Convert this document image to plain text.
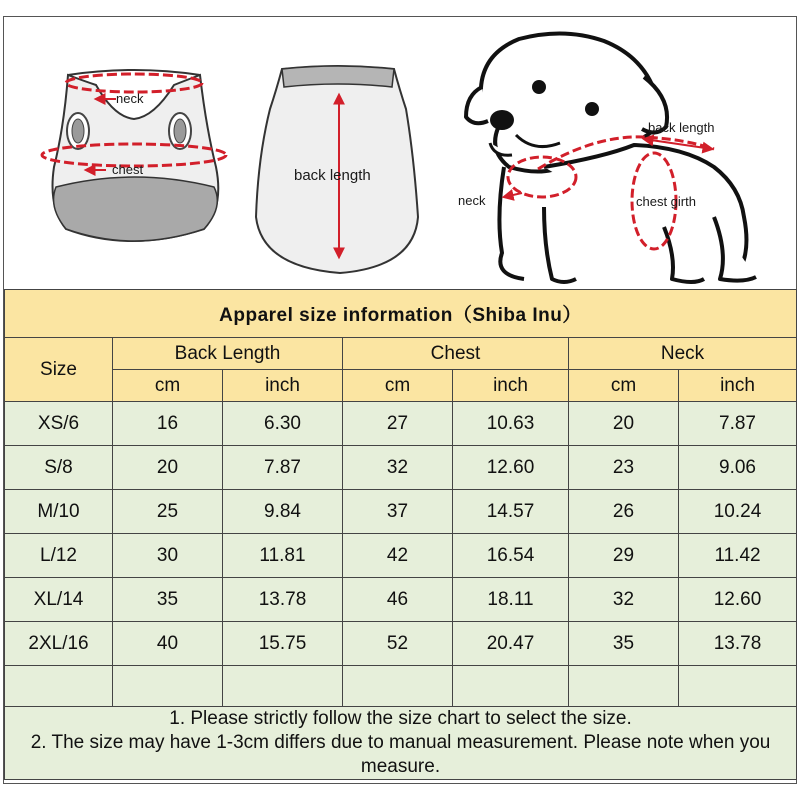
neck
chest	back length
back length
neck	chest girth
Apparel size information（Shiba Inu）						
Size	Back Length		Chest		Neck	
	cm	inch	cm	inch	cm	inch
XS/6	16	6.30	27	10.63	20	7.87
S/8	20	7.87	32	12.60	23	9.06
M/10	25	9.84	37	14.57	26	10.24
L/12	30	11.81	42	16.54	29	11.42
XL/14	35	13.78	46	18.11	32	12.60
2XL/16	40	15.75	52	20.47	35	13.78

1. Please strictly follow the size chart to select the size.
2. The size may have 1-3cm differs due to manual measurement. Please note when you measure.						
